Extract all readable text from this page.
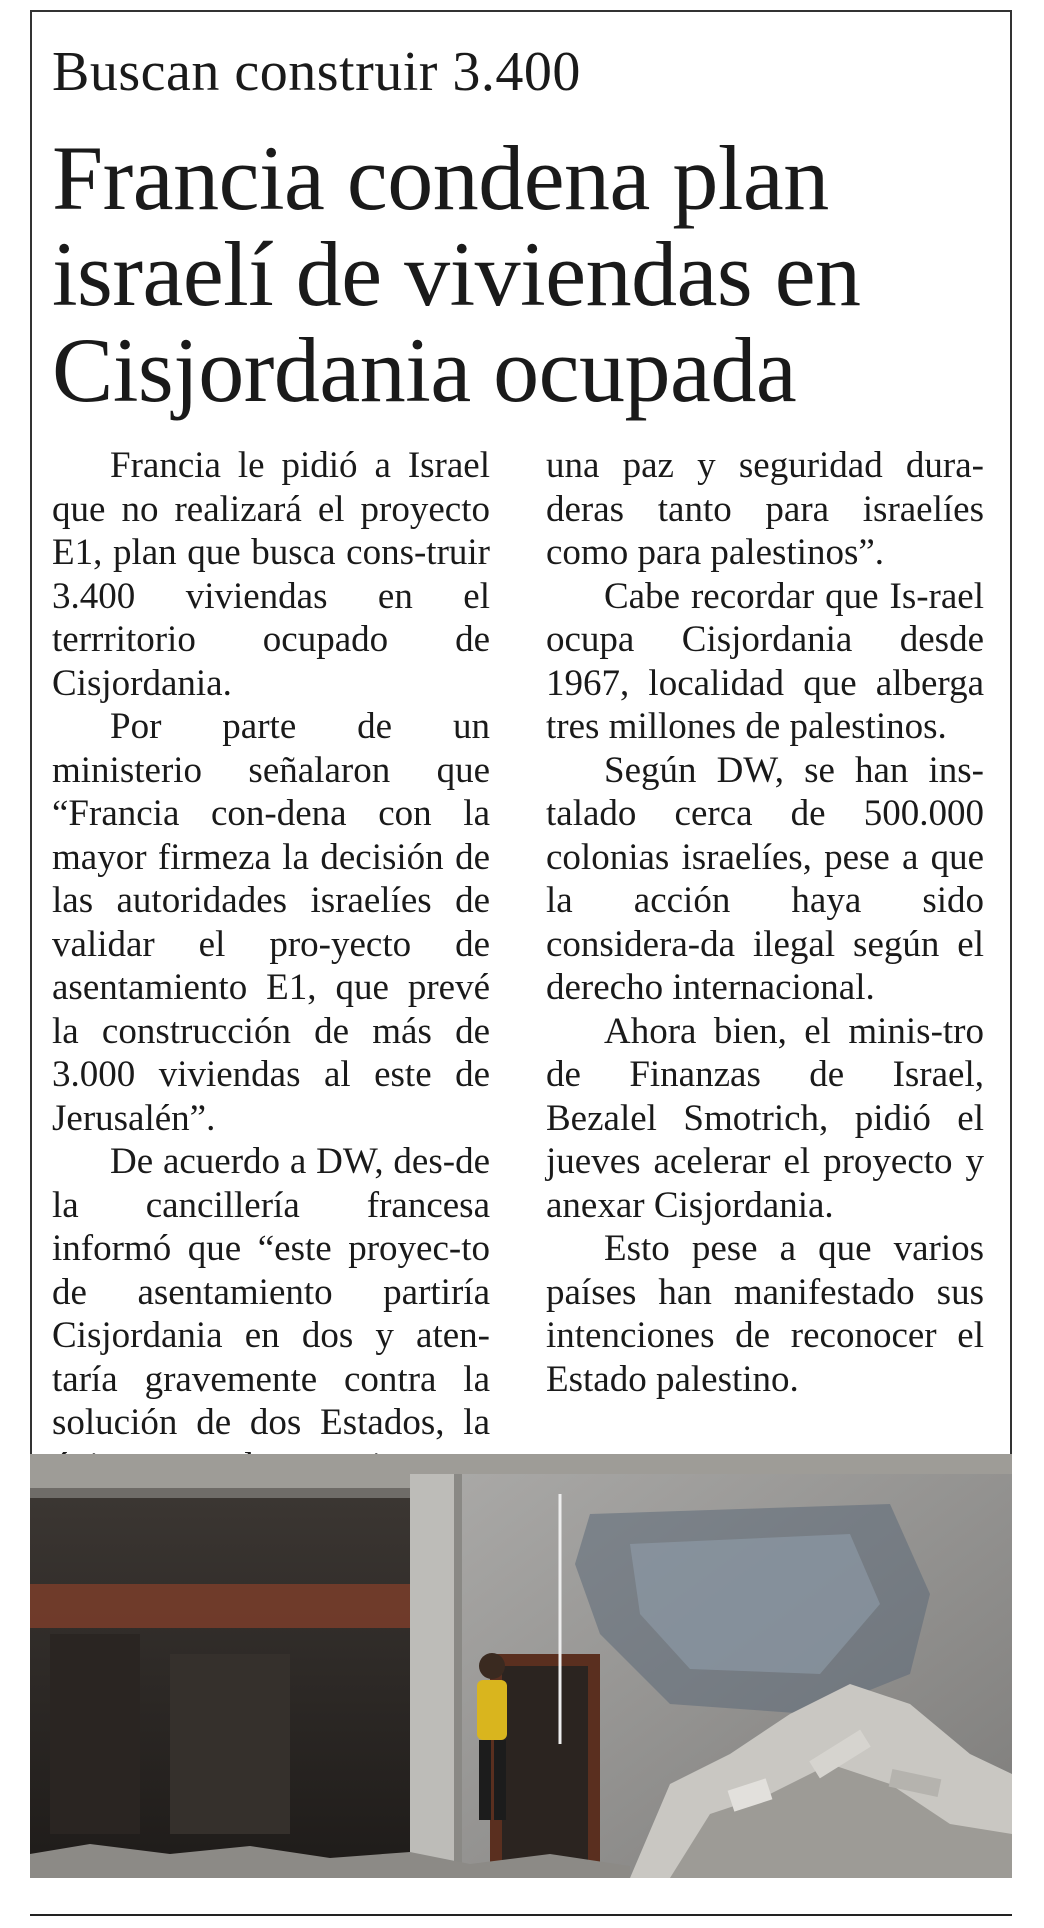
Buscan construir 3.400
Francia condena plan
israelí de viviendas en
Cisjordania ocupada

Francia le pidió a Israel que no realizará el proyecto E1, plan que busca cons-truir 3.400 viviendas en el terrritorio ocupado de Cisjordania.

Por parte de un ministerio señalaron que “Francia con-dena con la mayor firmeza la decisión de las autoridades israelíes de validar el pro-yecto de asentamiento E1, que prevé la construcción de más de 3.000 viviendas al este de Jerusalén”.

De acuerdo a DW, des-de la cancillería francesa informó que “este proyec-to de asentamiento partiría Cisjordania en dos y aten-taría gravemente contra la solución de dos Estados, la

una paz y seguridad dura-deras tanto para israelíes como para palestinos”.

Cabe recordar que Is-rael ocupa Cisjordania desde 1967, localidad que alberga tres millones de palestinos.

Según DW, se han ins-talado cerca de 500.000 colonias israelíes, pese a que la acción haya sido considera-da ilegal según el derecho internacional.

Ahora bien, el minis-tro de Finanzas de Israel, Bezalel Smotrich, pidió el jueves acelerar el proyecto y anexar Cisjordania.

Esto pese a que varios países han manifestado sus intenciones de reconocer el Estado palestino.
